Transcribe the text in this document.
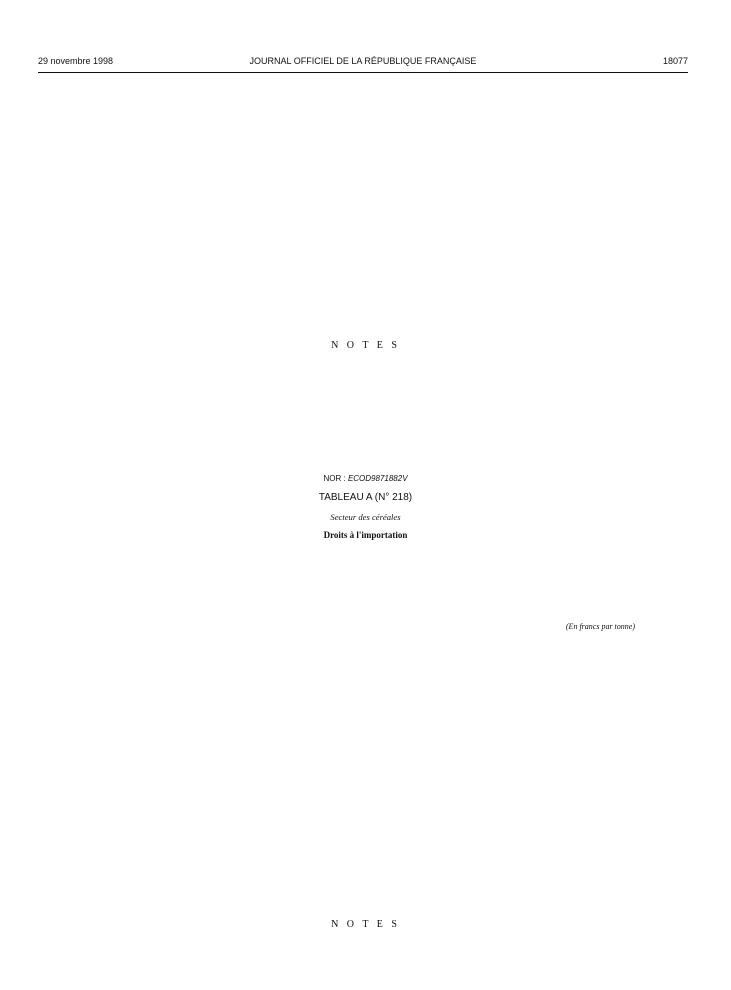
29 novembre 1998	JOURNAL OFFICIEL DE LA RÉPUBLIQUE FRANÇAISE	18077
N O T E S
NOR : ECOD9871882V
TABLEAU A (N° 218)
Secteur des céréales
Droits à l'importation
(En francs par tonne)
N O T E S
